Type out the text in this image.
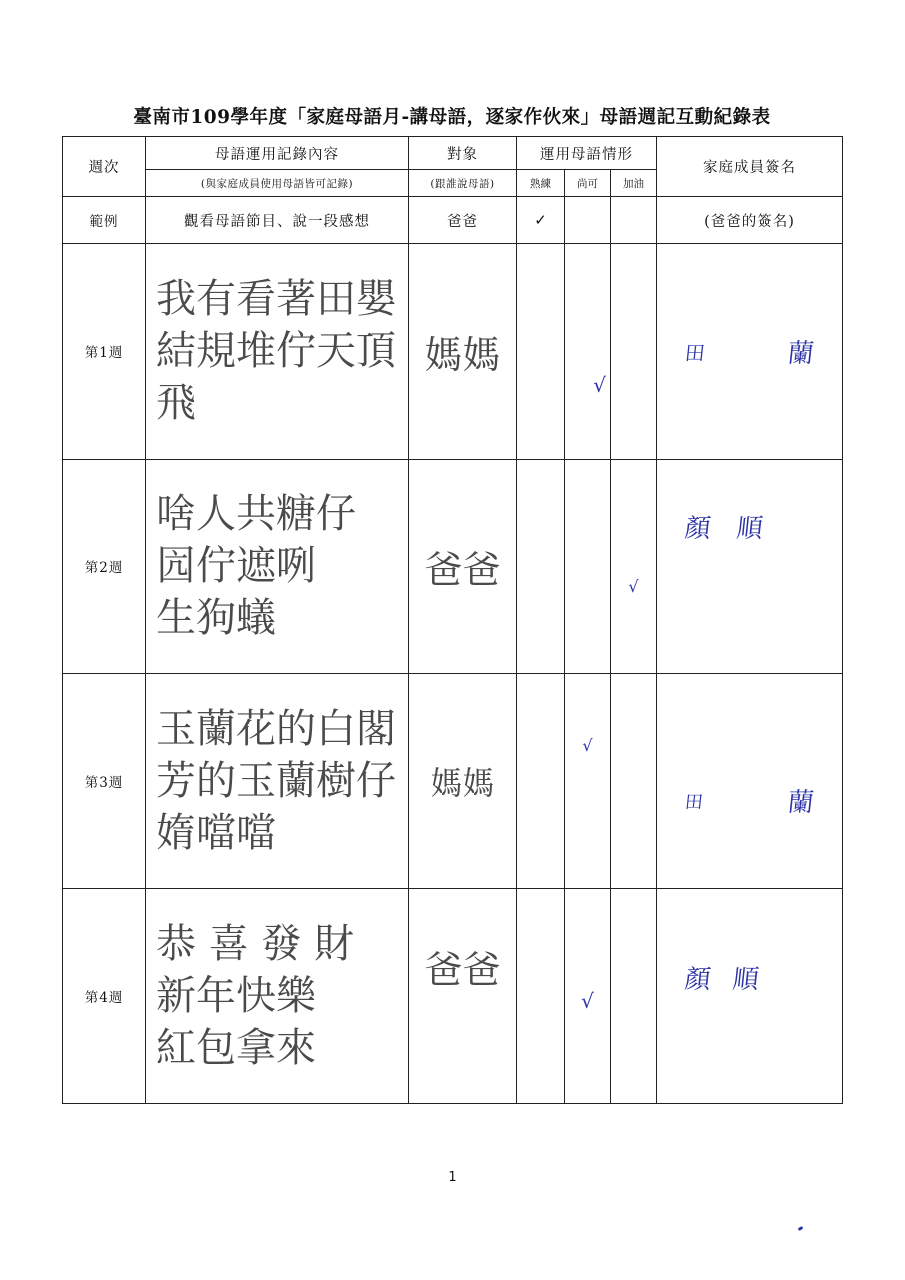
臺南市109學年度「家庭母語月-講母語，逐家作伙來」母語週記互動紀錄表
週次	母語運用記錄內容	對象	運用母語情形			家庭成員簽名
	(與家庭成員使用母語皆可記錄)	(跟誰說母語)	熟練	尚可	加油	
範例	觀看母語節目、說一段感想	爸爸	✓			(爸爸的簽名)
第1週	我有看著田嬰
結規堆佇天頂
飛	媽媽		√		田 蘭

第2週	啥人共糖仔
囥佇遮咧
生狗蟻	爸爸			√	顏 順

第3週	玉蘭花的白閣
芳的玉蘭樹仔
媠噹噹	媽媽		√		田 蘭

第4週	恭 喜 發 財
新年快樂
紅包拿來	爸爸		√		顏 順
1
